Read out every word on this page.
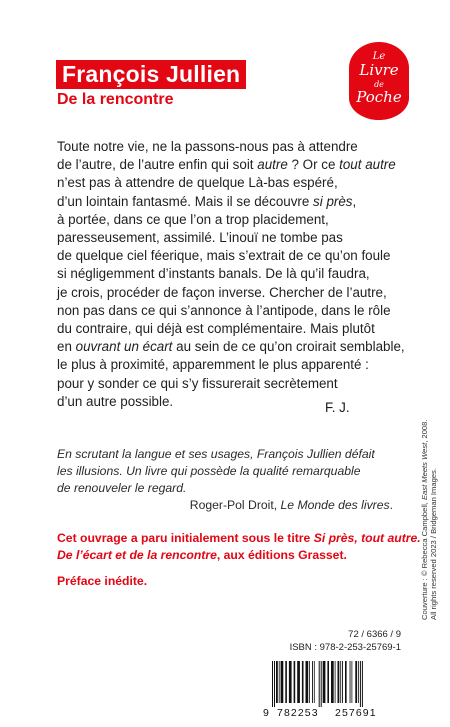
François Jullien
De la rencontre
Le
Livre
de
Poche
Toute notre vie, ne la passons-nous pas à attendre
de l’autre, de l’autre enfin qui soit autre ? Or ce tout autre
n’est pas à attendre de quelque Là-bas espéré,
d’un lointain fantasmé. Mais il se découvre si près,
à portée, dans ce que l’on a trop placidement,
paresseusement, assimilé. L’inouï ne tombe pas
de quelque ciel féerique, mais s’extrait de ce qu’on foule
si négligemment d’instants banals. De là qu’il faudra,
je crois, procéder de façon inverse. Chercher de l’autre,
non pas dans ce qui s’annonce à l’antipode, dans le rôle
du contraire, qui déjà est complémentaire. Mais plutôt
en ouvrant un écart au sein de ce qu’on croirait semblable,
le plus à proximité, apparemment le plus apparenté :
pour y sonder ce qui s’y fissurerait secrètement
d’un autre possible.	F. J.
En scrutant la langue et ses usages, François Jullien défait
les illusions. Un livre qui possède la qualité remarquable
de renouveler le regard.
Roger-Pol Droit, Le Monde des livres.
Cet ouvrage a paru initialement sous le titre Si près, tout autre.
De l’écart et de la rencontre, aux éditions Grasset.
Préface inédite.
72 / 6366 / 9
ISBN : 978-2-253-25769-1
9 782253 257691
Couverture : © Rebecca Campbell, East Meets West, 2008.
All rights reserved 2023 / Bridgeman Images.
